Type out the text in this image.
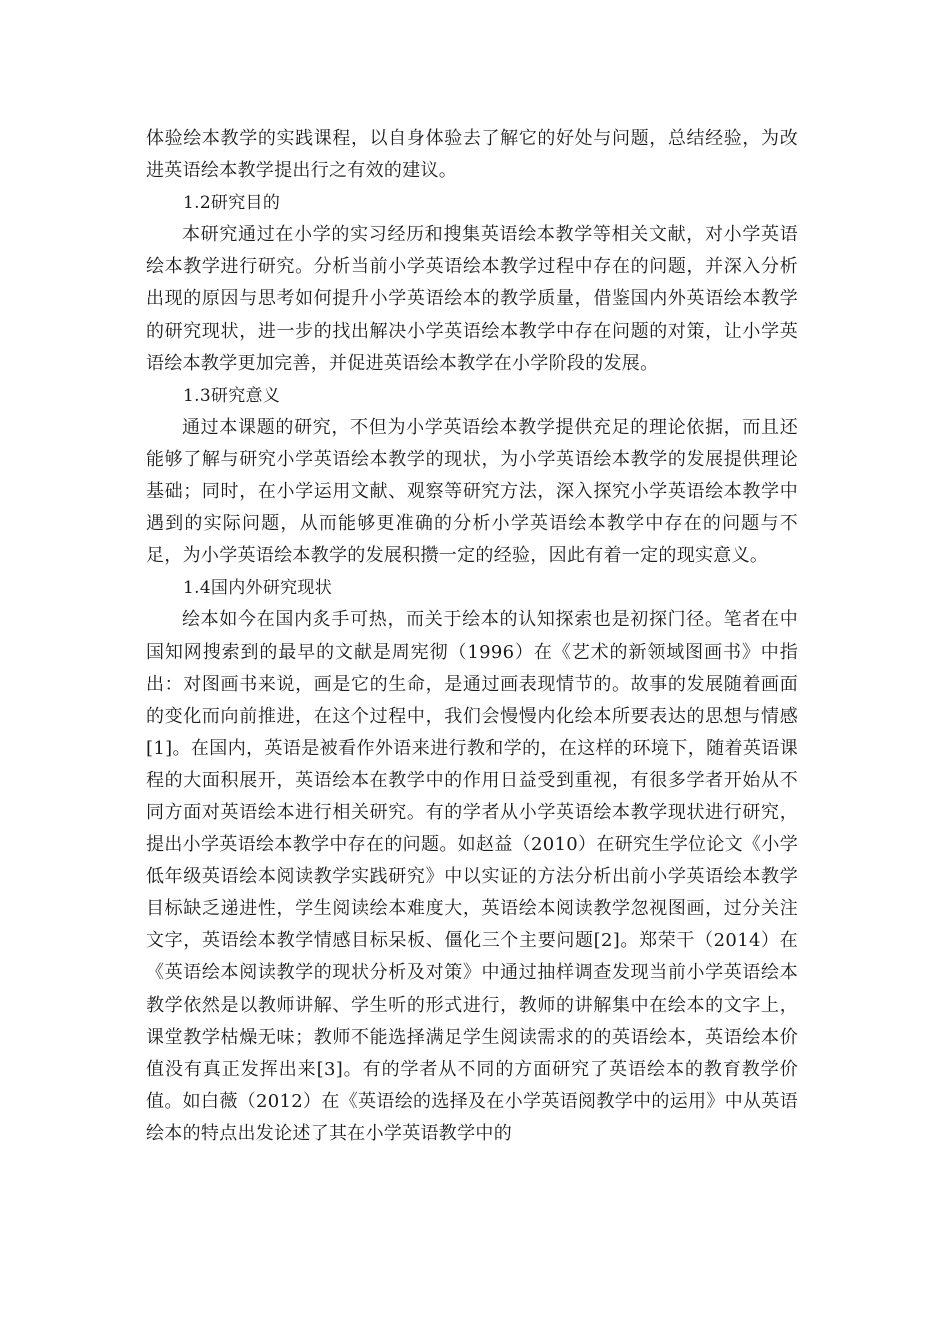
体验绘本教学的实践课程，以自身体验去了解它的好处与问题，总结经验，为改进英语绘本教学提出行之有效的建议。

1.2研究目的

本研究通过在小学的实习经历和搜集英语绘本教学等相关文献，对小学英语绘本教学进行研究。分析当前小学英语绘本教学过程中存在的问题，并深入分析出现的原因与思考如何提升小学英语绘本的教学质量，借鉴国内外英语绘本教学的研究现状，进一步的找出解决小学英语绘本教学中存在问题的对策，让小学英语绘本教学更加完善，并促进英语绘本教学在小学阶段的发展。

1.3研究意义

通过本课题的研究，不但为小学英语绘本教学提供充足的理论依据，而且还能够了解与研究小学英语绘本教学的现状，为小学英语绘本教学的发展提供理论基础；同时，在小学运用文献、观察等研究方法，深入探究小学英语绘本教学中遇到的实际问题，从而能够更准确的分析小学英语绘本教学中存在的问题与不足，为小学英语绘本教学的发展积攒一定的经验，因此有着一定的现实意义。

1.4国内外研究现状

绘本如今在国内炙手可热，而关于绘本的认知探索也是初探门径。笔者在中国知网搜索到的最早的文献是周宪彻（1996）在《艺术的新领域图画书》中指出：对图画书来说，画是它的生命，是通过画表现情节的。故事的发展随着画面的变化而向前推进，在这个过程中，我们会慢慢内化绘本所要表达的思想与情感 [1]。在国内，英语是被看作外语来进行教和学的，在这样的环境下，随着英语课程的大面积展开，英语绘本在教学中的作用日益受到重视，有很多学者开始从不同方面对英语绘本进行相关研究。有的学者从小学英语绘本教学现状进行研究，提出小学英语绘本教学中存在的问题。如赵益（2010）在研究生学位论文《小学低年级英语绘本阅读教学实践研究》中以实证的方法分析出前小学英语绘本教学目标缺乏递进性，学生阅读绘本难度大，英语绘本阅读教学忽视图画，过分关注文字，英语绘本教学情感目标呆板、僵化三个主要问题[2]。郑荣干（2014）在《英语绘本阅读教学的现状分析及对策》中通过抽样调查发现当前小学英语绘本教学依然是以教师讲解、学生听的形式进行，教师的讲解集中在绘本的文字上，课堂教学枯燥无味；教师不能选择满足学生阅读需求的的英语绘本，英语绘本价值没有真正发挥出来[3]。有的学者从不同的方面研究了英语绘本的教育教学价值。如白薇（2012）在《英语绘的选择及在小学英语阅教学中的运用》中从英语绘本的特点出发论述了其在小学英语教学中的
